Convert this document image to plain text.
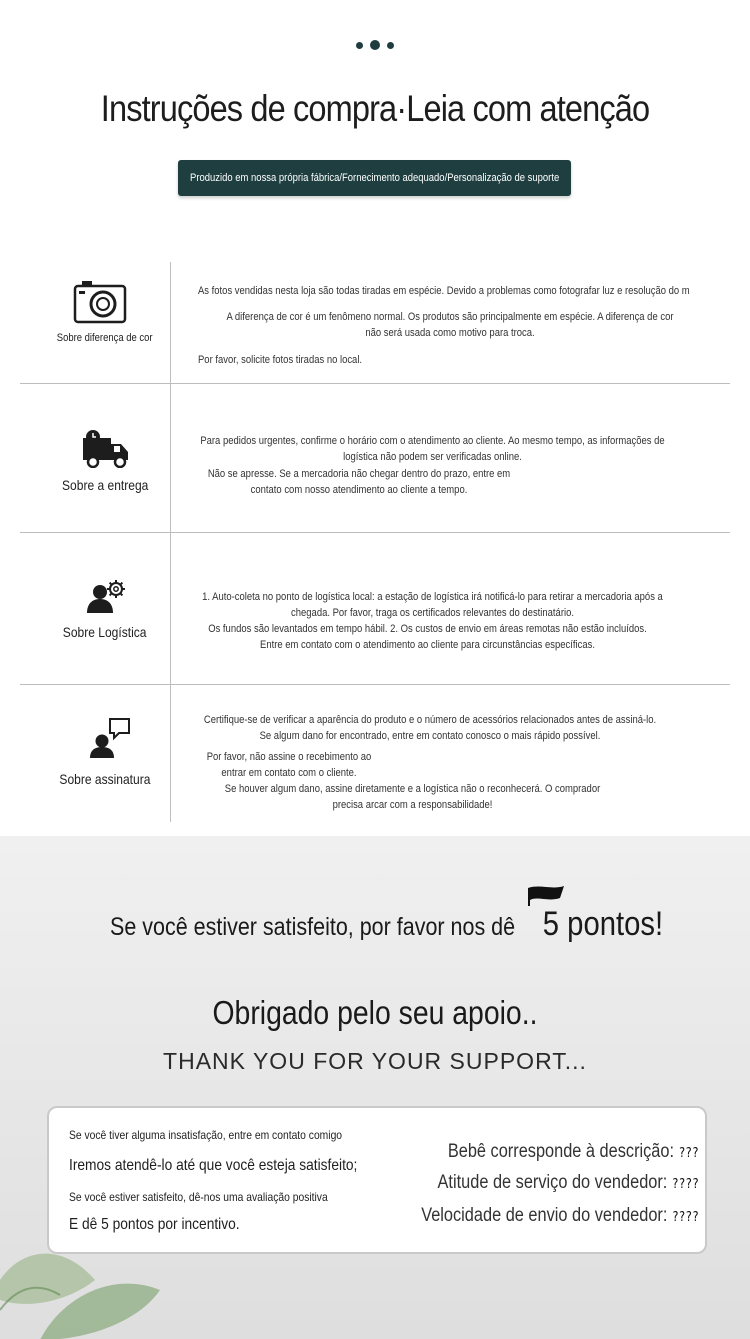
Instruções de compra·Leia com atenção
Produzido em nossa própria fábrica/Fornecimento adequado/Personalização de suporte
Sobre diferença de cor
As fotos vendidas nesta loja são todas tiradas em espécie. Devido a problemas como fotografar luz e resolução do m
A diferença de cor é um fenômeno normal. Os produtos são principalmente em espécie. A diferença de cor não será usada como motivo para troca.
Por favor, solicite fotos tiradas no local.
Sobre a entrega
Para pedidos urgentes, confirme o horário com o atendimento ao cliente. Ao mesmo tempo, as informações de logística não podem ser verificadas online.
Não se apresse. Se a mercadoria não chegar dentro do prazo, entre em contato com nosso atendimento ao cliente a tempo.
Sobre Logística
1. Auto-coleta no ponto de logística local: a estação de logística irá notificá-lo para retirar a mercadoria após a chegada. Por favor, traga os certificados relevantes do destinatário.
Os fundos são levantados em tempo hábil. 2. Os custos de envio em áreas remotas não estão incluídos. Entre em contato com o atendimento ao cliente para circunstâncias específicas.
Sobre assinatura
Certifique-se de verificar a aparência do produto e o número de acessórios relacionados antes de assiná-lo. Se algum dano for encontrado, entre em contato conosco o mais rápido possível.
Por favor, não assine o recebimento ao entrar em contato com o cliente.
Se houver algum dano, assine diretamente e a logística não o reconhecerá. O comprador precisa arcar com a responsabilidade!
Se você estiver satisfeito, por favor nos dê 5 pontos!
Obrigado pelo seu apoio..
THANK YOU FOR YOUR SUPPORT...
Se você tiver alguma insatisfação, entre em contato comigo
Iremos atendê-lo até que você esteja satisfeito;
Se você estiver satisfeito, dê-nos uma avaliação positiva
E dê 5 pontos por incentivo.
Bebê corresponde à descrição: ???
Atitude de serviço do vendedor: ????
Velocidade de envio do vendedor: ????
